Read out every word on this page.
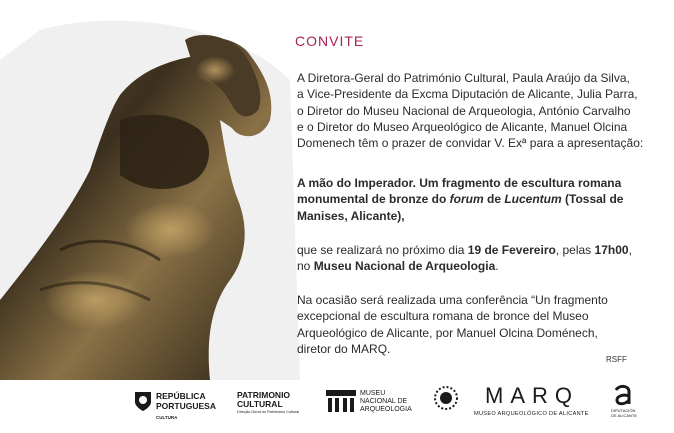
CONVITE
A Diretora-Geral do Património Cultural, Paula Araújo da Silva,
a Vice-Presidente da Excma Diputación de Alicante, Julia Parra,
o Diretor do Museu Nacional de Arqueologia, António Carvalho
e o Diretor do Museo Arqueológico de Alicante, Manuel Olcina
Domenech têm o prazer de convidar V. Exª para a apresentação:
A mão do Imperador. Um fragmento de escultura romana
monumental de bronze do forum de Lucentum (Tossal de
Manises, Alicante),
que se realizará no próximo dia 19 de Fevereiro, pelas 17h00,
no Museu Nacional de Arqueologia.
Na ocasião será realizada uma conferência “Un fragmento
excepcional de escultura romana de bronce del Museo
Arqueológico de Alicante, por Manuel Olcina Doménech,
diretor do MARQ.
RSFF
REPÚBLICA
PORTUGUESA
CULTURA
PATRIMONIO
CULTURAL
Direção-Geral do Património Cultural
MUSEU
NACIONAL DE
ARQUEOLOGIA
MARQ
MUSEO ARQUEOLÓGICO DE ALICANTE
DIPUTACIÓN
DE ALICANTE
